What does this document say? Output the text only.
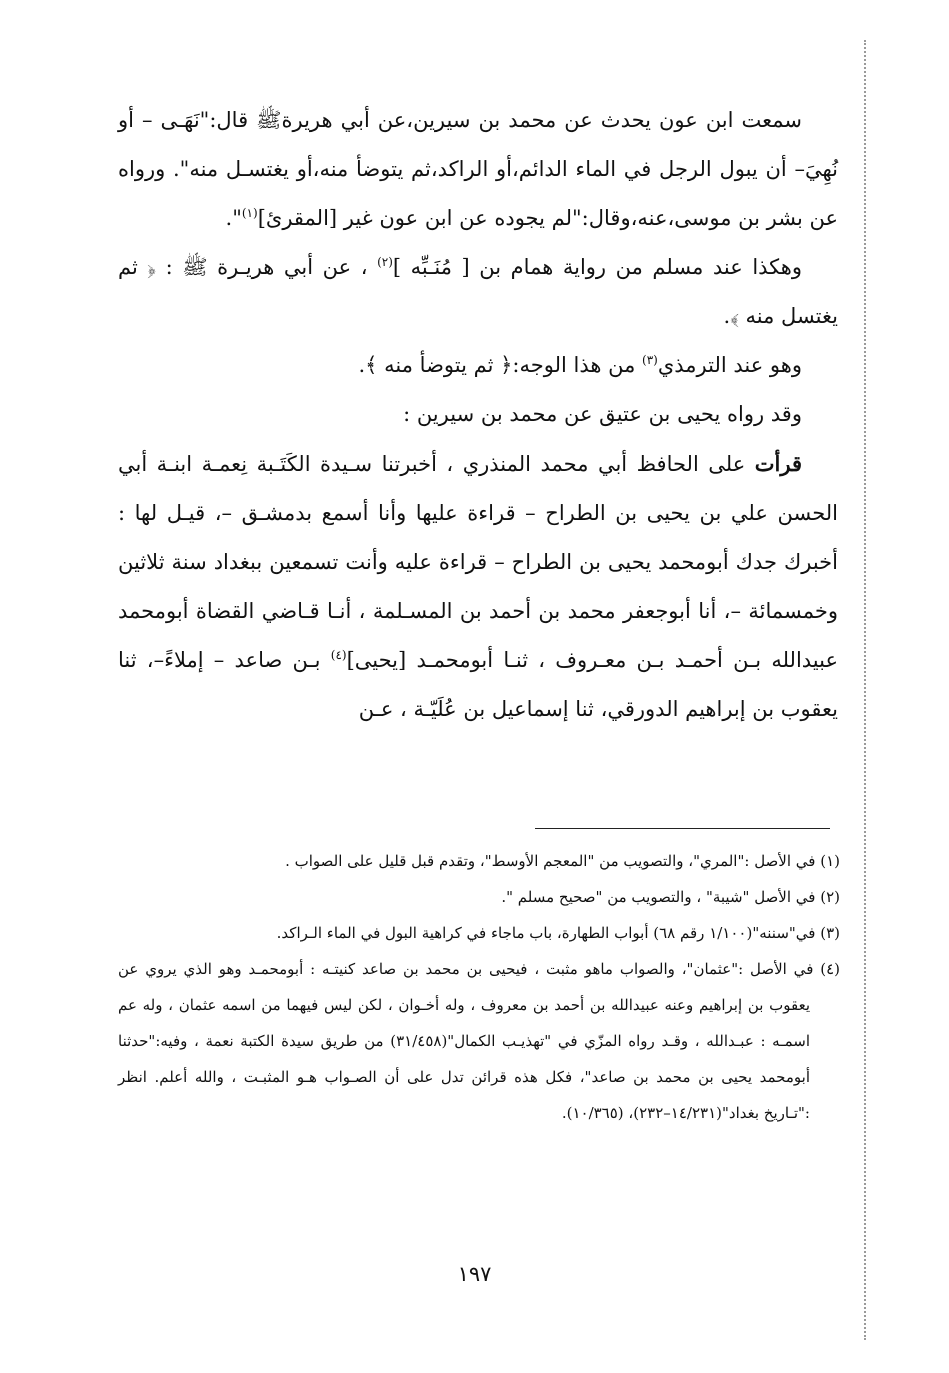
سمعت ابن عون يحدث عن محمد بن سيرين،عن أبي هريرةﷺ قال:"نَهَـى – أو نُهِيَ– أن يبول الرجل في الماء الدائم،أو الراكد،ثم يتوضأ منه،أو يغتسـل منه". ورواه عن بشر بن موسى،عنه،وقال:"لم يجوده عن ابن عون غير [المقرئ]$^{(١)}$".

وهكذا عند مسلم من رواية همام بن [ مُنَـبِّه ]$^{(٢)}$ ، عن أبي هريـرة ﷺ : ﴿ ثم يغتسل منه ﴾.

وهو عند الترمذي$^{(٣)}$ من هذا الوجه:﴿ ثم يتوضأ منه ﴾.

وقد رواه يحيى بن عتيق عن محمد بن سيرين :

قرأت على الحافظ أبي محمد المنذري ، أخبرتنا سـيدة الكَتَـبة نِعمـة ابنـة أبي الحسن علي بن يحيى بن الطراح – قراءة عليها وأنا أسمع بدمشـق –، قيـل لها : أخبرك جدك أبومحمد يحيى بن الطراح – قراءة عليه وأنت تسمعين ببغداد سنة ثلاثين وخمسمائة –، أنا أبوجعفر محمد بن أحمد بن المسـلمة ، أنـا قـاضي القضاة أبومحمد عبيدالله بـن أحمـد بـن معـروف ، ثنـا أبومحمـد [يحيى]$^{(٤)}$ بـن صاعد – إملاءً–، ثنا يعقوب بن إبراهيم الدورقي، ثنا إسماعيل بن عُلَيّـة ، عـن

(١) في الأصل :"المري"، والتصويب من "المعجم الأوسط"، وتقدم قبل قليل على الصواب .

(٢) في الأصل "شيبة" ، والتصويب من "صحيح مسلم ".

(٣) في"سننه"(١/١٠٠ رقم ٦٨) أبواب الطهارة، باب ماجاء في كراهية البول في الماء الـراكد.

(٤) في الأصل :"عثمان"، والصواب ماهو مثبت ، فيحيى بن محمد بن صاعد كنيتـه : أبومحمـد وهو الذي يروي عن يعقوب بن إبراهيم وعنه عبيدالله بن أحمد بن معروف ، وله أخـوان ، لكن ليس فيهما من اسمه عثمان ، وله عم اسمـه : عبـدالله ، وقـد رواه المزّي في "تهذيـب الكمال"(٣١/٤٥٨) من طريق سيدة الكتبة نعمة ، وفيه:"حدثنا أبومحمد يحيى بن محمد بن صاعد"، فكل هذه قرائن تدل على أن الصـواب هـو المثبـت ، والله أعلم. انظر :"تـاريخ بغداد"(١٤/٢٣١–٢٣٢)، (١٠/٣٦٥).

١٩٧
